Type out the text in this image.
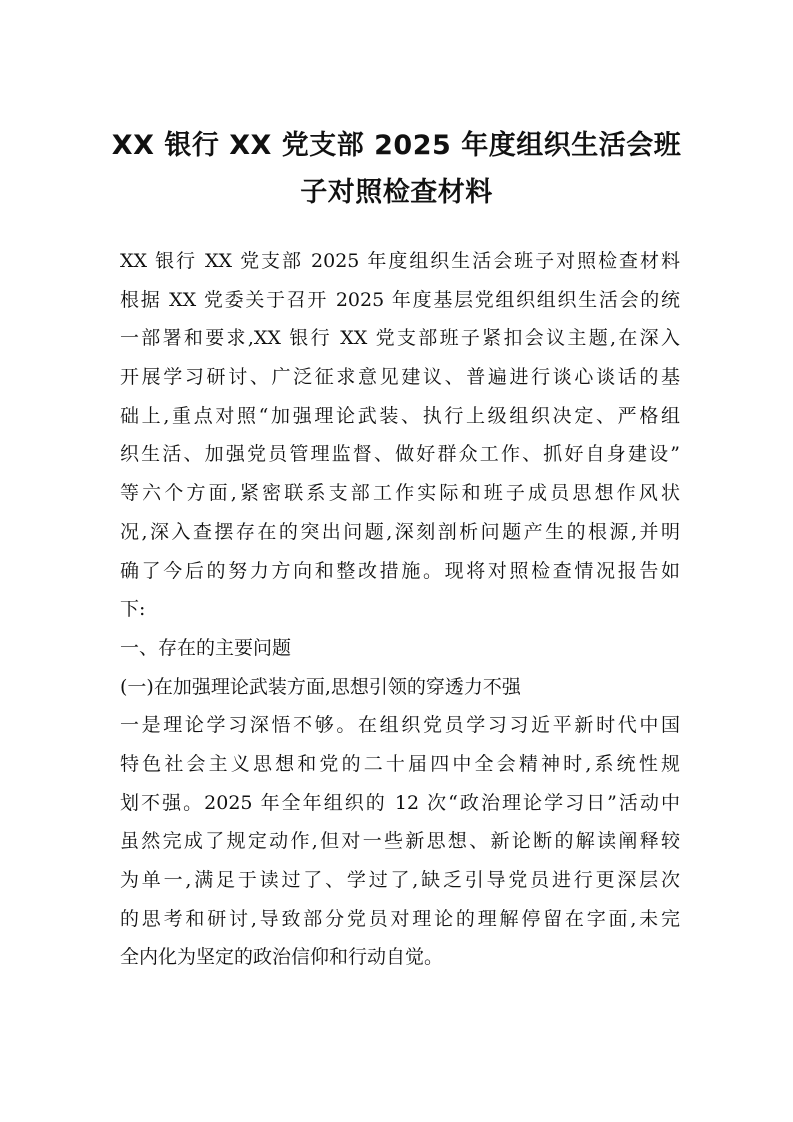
XX 银行 XX 党支部 2025 年度组织生活会班
子对照检查材料
XX 银行 XX 党支部 2025 年度组织生活会班子对照检查材料
根据 XX 党委关于召开 2025 年度基层党组织组织生活会的统
一部署和要求,XX 银行 XX 党支部班子紧扣会议主题,在深入
开展学习研讨、广泛征求意见建议、普遍进行谈心谈话的基
础上,重点对照“加强理论武装、执行上级组织决定、严格组
织生活、加强党员管理监督、做好群众工作、抓好自身建设”
等六个方面,紧密联系支部工作实际和班子成员思想作风状
况,深入查摆存在的突出问题,深刻剖析问题产生的根源,并明
确了今后的努力方向和整改措施。现将对照检查情况报告如
下:
一、存在的主要问题
(一)在加强理论武装方面,思想引领的穿透力不强
一是理论学习深悟不够。在组织党员学习习近平新时代中国
特色社会主义思想和党的二十届四中全会精神时,系统性规
划不强。2025 年全年组织的 12 次“政治理论学习日”活动中
虽然完成了规定动作,但对一些新思想、新论断的解读阐释较
为单一,满足于读过了、学过了,缺乏引导党员进行更深层次
的思考和研讨,导致部分党员对理论的理解停留在字面,未完
全内化为坚定的政治信仰和行动自觉。
